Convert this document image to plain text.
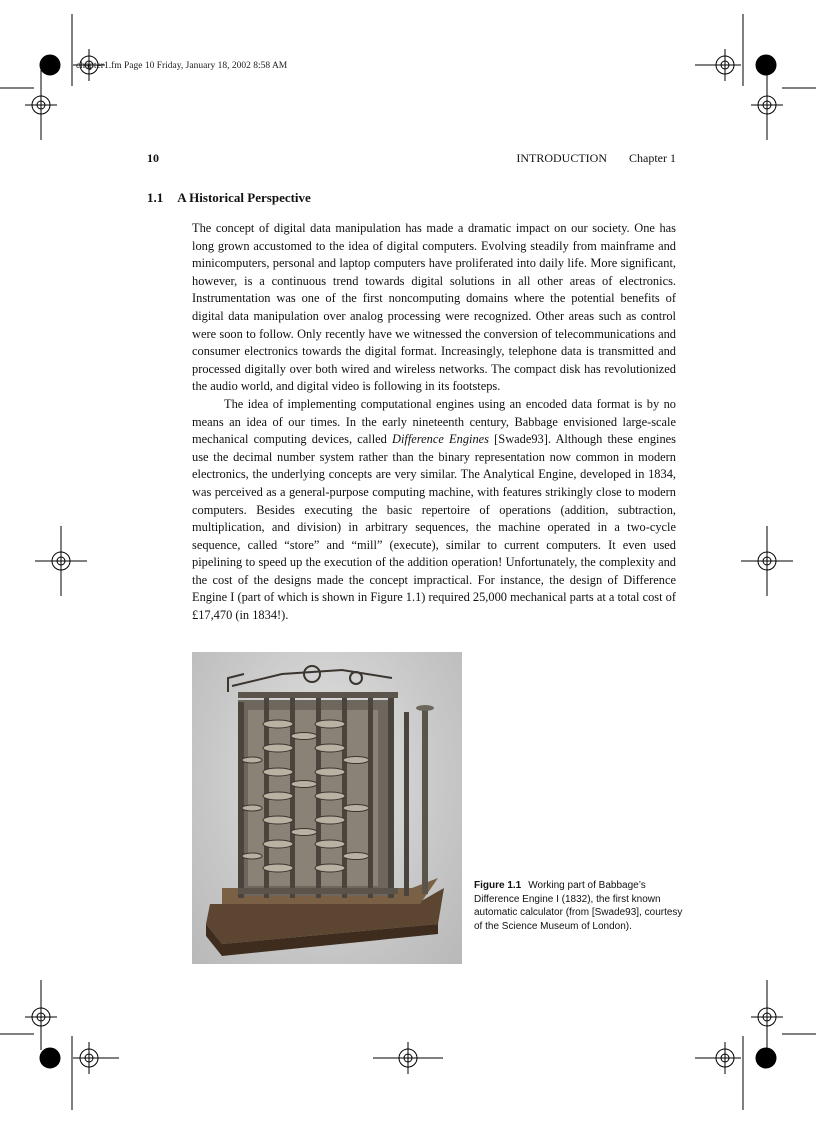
chapter1.fm Page 10 Friday, January 18, 2002 8:58 AM
10	INTRODUCTION Chapter 1
1.1 A Historical Perspective

The concept of digital data manipulation has made a dramatic impact on our society. One has long grown accustomed to the idea of digital computers. Evolving steadily from mainframe and minicomputers, personal and laptop computers have proliferated into daily life. More significant, however, is a continuous trend towards digital solutions in all other areas of electronics. Instrumentation was one of the first noncomputing domains where the potential benefits of digital data manipulation over analog processing were recognized. Other areas such as control were soon to follow. Only recently have we witnessed the conversion of telecommunications and consumer electronics towards the digital format. Increasingly, telephone data is transmitted and processed digitally over both wired and wireless networks. The compact disk has revolutionized the audio world, and digital video is following in its footsteps.

The idea of implementing computational engines using an encoded data format is by no means an idea of our times. In the early nineteenth century, Babbage envisioned large-scale mechanical computing devices, called Difference Engines [Swade93]. Although these engines use the decimal number system rather than the binary representation now common in modern electronics, the underlying concepts are very similar. The Analytical Engine, developed in 1834, was perceived as a general-purpose computing machine, with features strikingly close to modern computers. Besides executing the basic repertoire of operations (addition, subtraction, multiplication, and division) in arbitrary sequences, the machine operated in a two-cycle sequence, called “store” and “mill” (execute), similar to current computers. It even used pipelining to speed up the execution of the addition operation! Unfortunately, the complexity and the cost of the designs made the concept impractical. For instance, the design of Difference Engine I (part of which is shown in Figure 1.1) required 25,000 mechanical parts at a total cost of £17,470 (in 1834!).

Figure 1.1 Working part of Babbage’s Difference Engine I (1832), the first known automatic calculator (from [Swade93], courtesy of the Science Museum of London).
